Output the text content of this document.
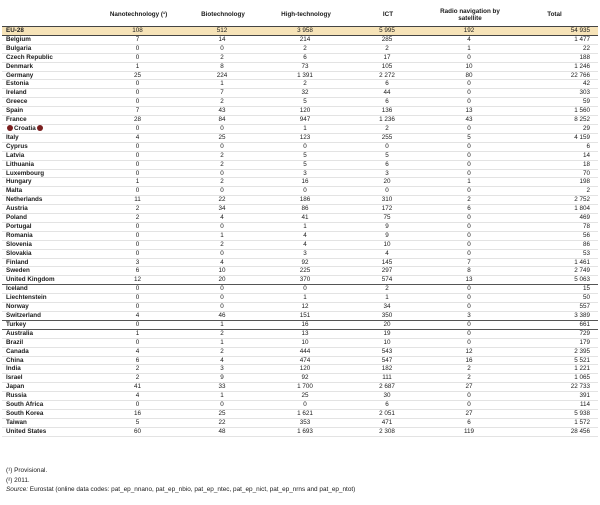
	Nanotechnology (¹)	Biotechnology	High-technology	ICT	Radio navigation by satellite	Total
EU-28	108	512	3 958	5 995	192	54 935
Belgium	7	14	214	285	4	1 477
Bulgaria	0	0	2	2	1	22
Czech Republic	0	2	6	17	0	188
Denmark	1	8	73	105	10	1 246
Germany	25	224	1 391	2 272	80	22 766
Estonia	0	1	2	6	0	42
Ireland	0	7	32	44	0	303
Greece	0	2	5	6	0	59
Spain	7	43	120	136	13	1 560
France	28	84	947	1 236	43	8 252
Croatia	0	0	1	2	0	29
Italy	4	25	123	255	5	4 159
Cyprus	0	0	0	0	0	6
Latvia	0	2	5	5	0	14
Lithuania	0	2	5	6	0	18
Luxembourg	0	0	3	3	0	70
Hungary	1	2	16	20	1	198
Malta	0	0	0	0	0	2
Netherlands	11	22	186	310	2	2 752
Austria	2	34	86	172	6	1 804
Poland	2	4	41	75	0	469
Portugal	0	0	1	9	0	78
Romania	0	1	4	9	0	56
Slovenia	0	2	4	10	0	86
Slovakia	0	0	3	4	0	53
Finland	3	4	92	145	7	1 461
Sweden	6	10	225	297	8	2 749
United Kingdom	12	20	370	574	13	5 063
Iceland	0	0	0	2	0	15
Liechtenstein	0	0	1	1	0	50
Norway	0	0	12	34	0	557
Switzerland	4	46	151	350	3	3 389
Turkey	0	1	16	20	0	661
Australia	1	2	13	19	0	729
Brazil	0	1	10	10	0	179
Canada	4	2	444	543	12	2 395
China	6	4	474	547	16	5 521
India	2	3	120	182	2	1 221
Israel	2	9	92	111	2	1 065
Japan	41	33	1 700	2 687	27	22 733
Russia	4	1	25	30	0	391
South Africa	0	0	0	6	0	114
South Korea	16	25	1 621	2 051	27	5 938
Taiwan	5	22	353	471	6	1 572
United States	60	48	1 693	2 308	119	28 456
(¹) Provisional.
(²) 2011.
Source: Eurostat (online data codes: pat_ep_nnano, pat_ep_nbio, pat_ep_ntec, pat_ep_nict, pat_ep_nrns and pat_ep_ntot)
